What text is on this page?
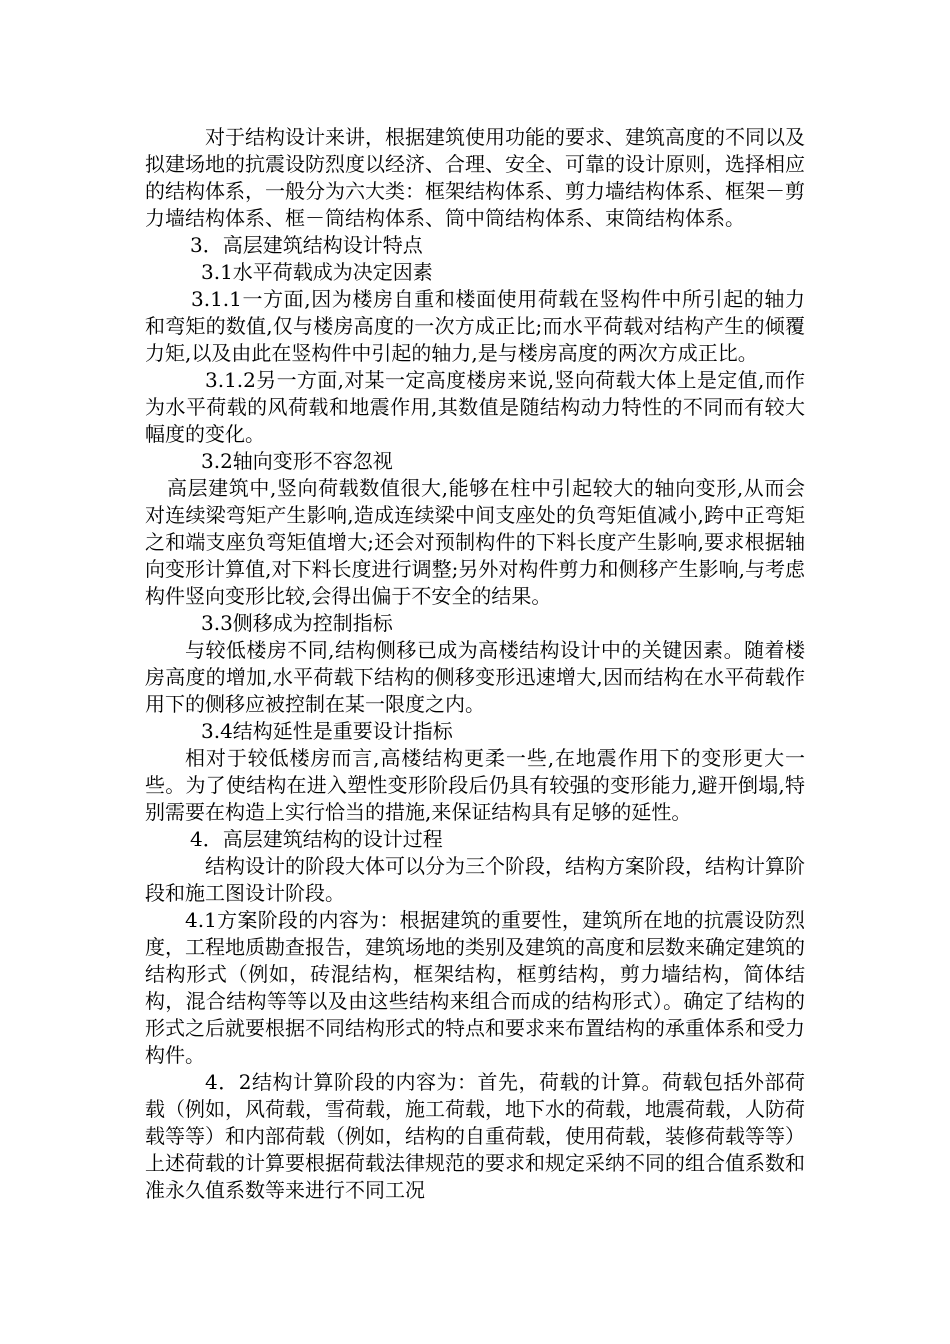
对于结构设计来讲，根据建筑使用功能的要求、建筑高度的不同以及拟建场地的抗震设防烈度以经济、合理、安全、可靠的设计原则，选择相应的结构体系，一般分为六大类：框架结构体系、剪力墙结构体系、框架－剪力墙结构体系、框－筒结构体系、筒中筒结构体系、束筒结构体系。

3．高层建筑结构设计特点

3.1水平荷载成为决定因素

3.1.1一方面,因为楼房自重和楼面使用荷载在竖构件中所引起的轴力和弯矩的数值,仅与楼房高度的一次方成正比;而水平荷载对结构产生的倾覆力矩,以及由此在竖构件中引起的轴力,是与楼房高度的两次方成正比。

3.1.2另一方面,对某一定高度楼房来说,竖向荷载大体上是定值,而作为水平荷载的风荷载和地震作用,其数值是随结构动力特性的不同而有较大幅度的变化。

3.2轴向变形不容忽视

高层建筑中,竖向荷载数值很大,能够在柱中引起较大的轴向变形,从而会对连续梁弯矩产生影响,造成连续梁中间支座处的负弯矩值减小,跨中正弯矩之和端支座负弯矩值增大;还会对预制构件的下料长度产生影响,要求根据轴向变形计算值,对下料长度进行调整;另外对构件剪力和侧移产生影响,与考虑构件竖向变形比较,会得出偏于不安全的结果。

3.3侧移成为控制指标

与较低楼房不同,结构侧移已成为高楼结构设计中的关键因素。随着楼房高度的增加,水平荷载下结构的侧移变形迅速增大,因而结构在水平荷载作用下的侧移应被控制在某一限度之内。

3.4结构延性是重要设计指标

相对于较低楼房而言,高楼结构更柔一些,在地震作用下的变形更大一些。为了使结构在进入塑性变形阶段后仍具有较强的变形能力,避开倒塌,特别需要在构造上实行恰当的措施,来保证结构具有足够的延性。

4．高层建筑结构的设计过程

结构设计的阶段大体可以分为三个阶段，结构方案阶段，结构计算阶段和施工图设计阶段。

4.1方案阶段的内容为：根据建筑的重要性，建筑所在地的抗震设防烈度，工程地质勘查报告，建筑场地的类别及建筑的高度和层数来确定建筑的结构形式（例如，砖混结构，框架结构，框剪结构，剪力墙结构，简体结构，混合结构等等以及由这些结构来组合而成的结构形式）。确定了结构的形式之后就要根据不同结构形式的特点和要求来布置结构的承重体系和受力构件。

4．2结构计算阶段的内容为：首先，荷载的计算。荷载包括外部荷载（例如，风荷载，雪荷载，施工荷载，地下水的荷载，地震荷载，人防荷载等等）和内部荷载（例如，结构的自重荷载，使用荷载，装修荷载等等）上述荷载的计算要根据荷载法律规范的要求和规定采纳不同的组合值系数和准永久值系数等来进行不同工况
